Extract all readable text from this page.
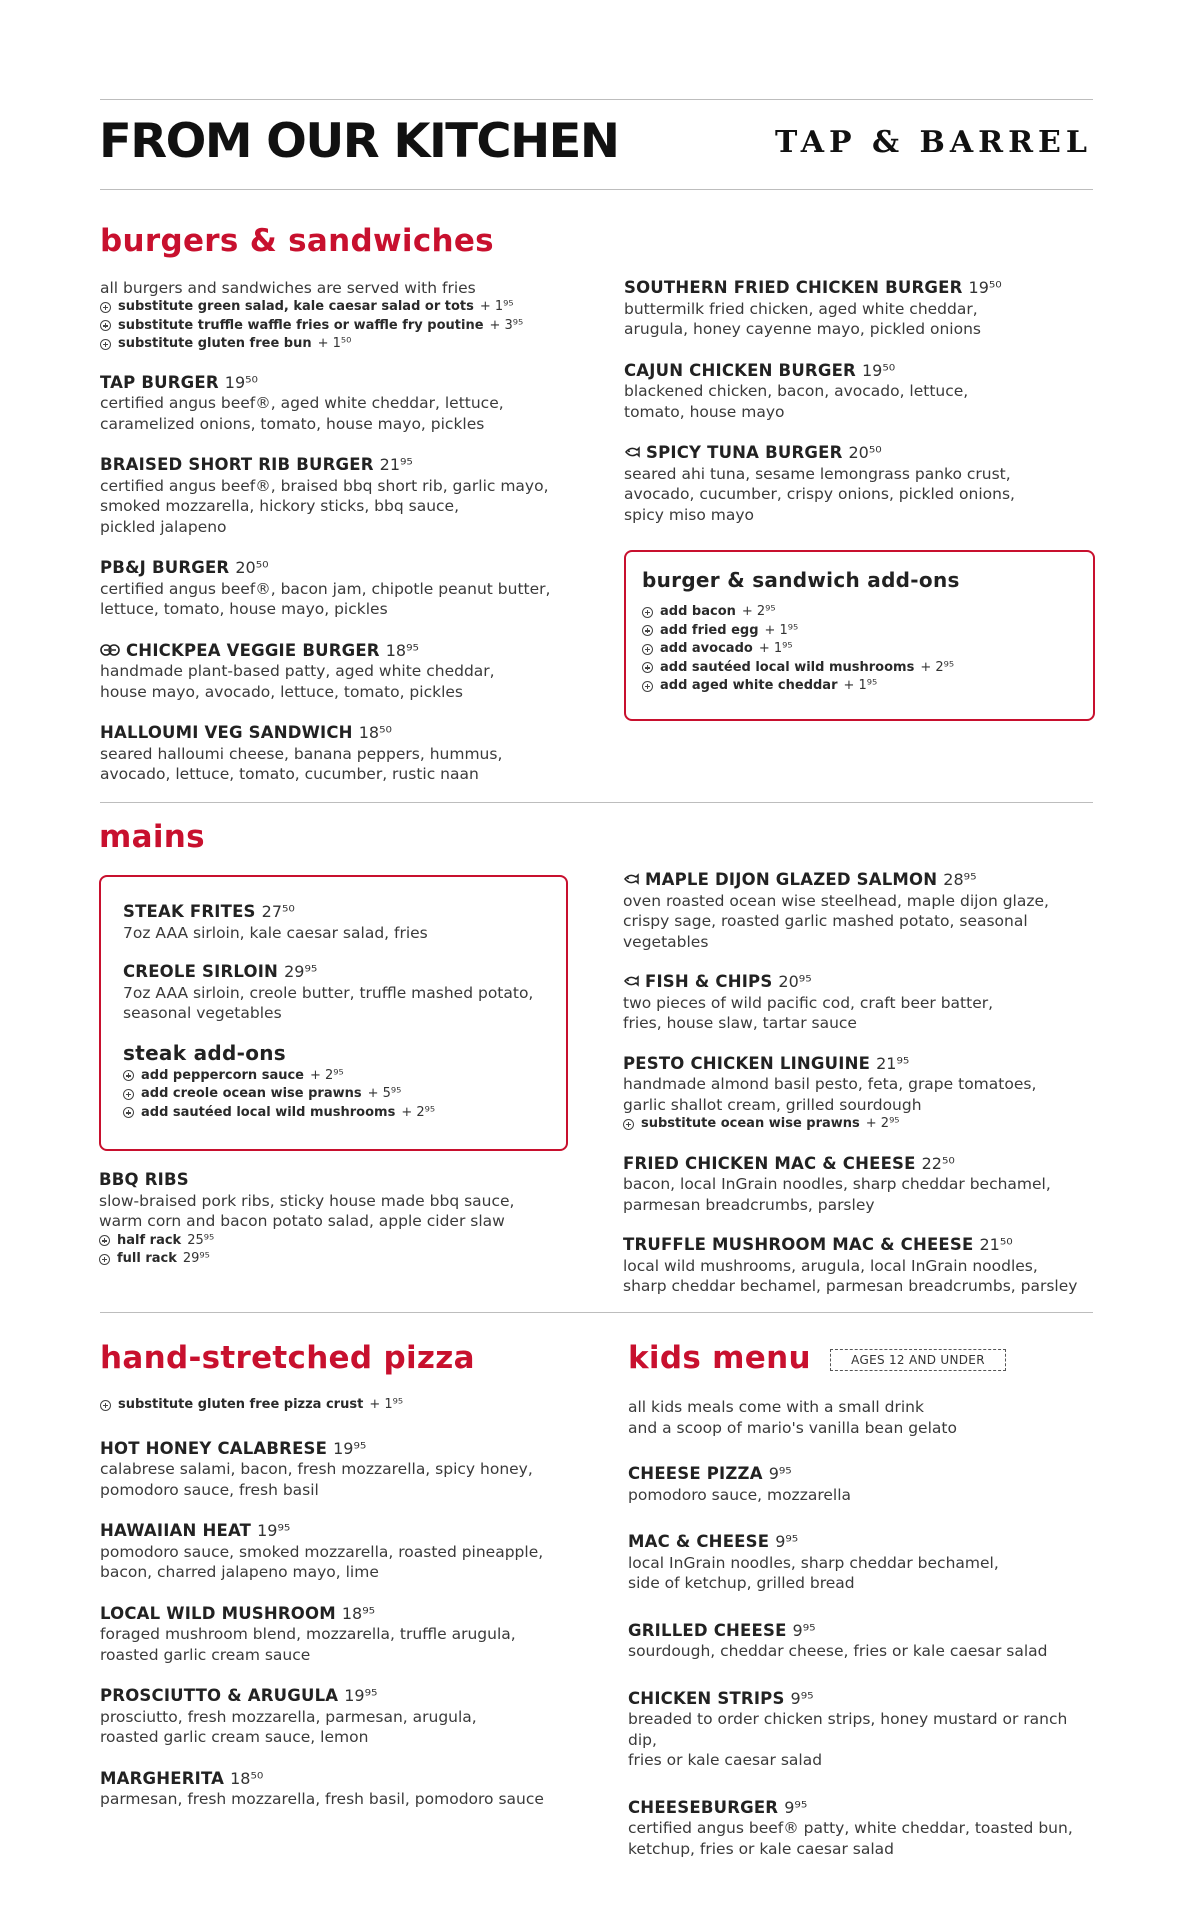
FROM OUR KITCHEN	TAP & BARREL
burgers & sandwiches
all burgers and sandwiches are served with fries
substitute green salad, kale caesar salad or tots + 1⁹⁵
substitute truffle waffle fries or waffle fry poutine + 3⁹⁵
substitute gluten free bun + 1⁵⁰
TAP BURGER 19⁵⁰
certified angus beef®, aged white cheddar, lettuce,
caramelized onions, tomato, house mayo, pickles
BRAISED SHORT RIB BURGER 21⁹⁵
certified angus beef®, braised bbq short rib, garlic mayo,
smoked mozzarella, hickory sticks, bbq sauce,
pickled jalapeno
PB&J BURGER 20⁵⁰
certified angus beef®, bacon jam, chipotle peanut butter,
lettuce, tomato, house mayo, pickles
CHICKPEA VEGGIE BURGER 18⁹⁵
handmade plant-based patty, aged white cheddar,
house mayo, avocado, lettuce, tomato, pickles
HALLOUMI VEG SANDWICH 18⁵⁰
seared halloumi cheese, banana peppers, hummus,
avocado, lettuce, tomato, cucumber, rustic naan
SOUTHERN FRIED CHICKEN BURGER 19⁵⁰
buttermilk fried chicken, aged white cheddar,
arugula, honey cayenne mayo, pickled onions
CAJUN CHICKEN BURGER 19⁵⁰
blackened chicken, bacon, avocado, lettuce,
tomato, house mayo
SPICY TUNA BURGER 20⁵⁰
seared ahi tuna, sesame lemongrass panko crust,
avocado, cucumber, crispy onions, pickled onions,
spicy miso mayo
burger & sandwich add-ons
add bacon + 2⁹⁵
add fried egg + 1⁹⁵
add avocado + 1⁹⁵
add sautéed local wild mushrooms + 2⁹⁵
add aged white cheddar + 1⁹⁵
mains
STEAK FRITES 27⁵⁰
7oz AAA sirloin, kale caesar salad, fries
CREOLE SIRLOIN 29⁹⁵
7oz AAA sirloin, creole butter, truffle mashed potato,
seasonal vegetables
steak add-ons
add peppercorn sauce + 2⁹⁵
add creole ocean wise prawns + 5⁹⁵
add sautéed local wild mushrooms + 2⁹⁵
BBQ RIBS
slow-braised pork ribs, sticky house made bbq sauce,
warm corn and bacon potato salad, apple cider slaw
half rack 25⁹⁵
full rack 29⁹⁵
MAPLE DIJON GLAZED SALMON 28⁹⁵
oven roasted ocean wise steelhead, maple dijon glaze,
crispy sage, roasted garlic mashed potato, seasonal vegetables
FISH & CHIPS 20⁹⁵
two pieces of wild pacific cod, craft beer batter,
fries, house slaw, tartar sauce
PESTO CHICKEN LINGUINE 21⁹⁵
handmade almond basil pesto, feta, grape tomatoes,
garlic shallot cream, grilled sourdough
substitute ocean wise prawns + 2⁹⁵
FRIED CHICKEN MAC & CHEESE 22⁵⁰
bacon, local InGrain noodles, sharp cheddar bechamel,
parmesan breadcrumbs, parsley
TRUFFLE MUSHROOM MAC & CHEESE 21⁵⁰
local wild mushrooms, arugula, local InGrain noodles,
sharp cheddar bechamel, parmesan breadcrumbs, parsley
hand-stretched pizza
substitute gluten free pizza crust + 1⁹⁵
HOT HONEY CALABRESE 19⁹⁵
calabrese salami, bacon, fresh mozzarella, spicy honey,
pomodoro sauce, fresh basil
HAWAIIAN HEAT 19⁹⁵
pomodoro sauce, smoked mozzarella, roasted pineapple,
bacon, charred jalapeno mayo, lime
LOCAL WILD MUSHROOM 18⁹⁵
foraged mushroom blend, mozzarella, truffle arugula,
roasted garlic cream sauce
PROSCIUTTO & ARUGULA 19⁹⁵
prosciutto, fresh mozzarella, parmesan, arugula,
roasted garlic cream sauce, lemon
MARGHERITA 18⁵⁰
parmesan, fresh mozzarella, fresh basil, pomodoro sauce
kids menu	AGES 12 AND UNDER
all kids meals come with a small drink
and a scoop of mario's vanilla bean gelato
CHEESE PIZZA 9⁹⁵
pomodoro sauce, mozzarella
MAC & CHEESE 9⁹⁵
local InGrain noodles, sharp cheddar bechamel,
side of ketchup, grilled bread
GRILLED CHEESE 9⁹⁵
sourdough, cheddar cheese, fries or kale caesar salad
CHICKEN STRIPS 9⁹⁵
breaded to order chicken strips, honey mustard or ranch dip,
fries or kale caesar salad
CHEESEBURGER 9⁹⁵
certified angus beef® patty, white cheddar, toasted bun,
ketchup, fries or kale caesar salad
